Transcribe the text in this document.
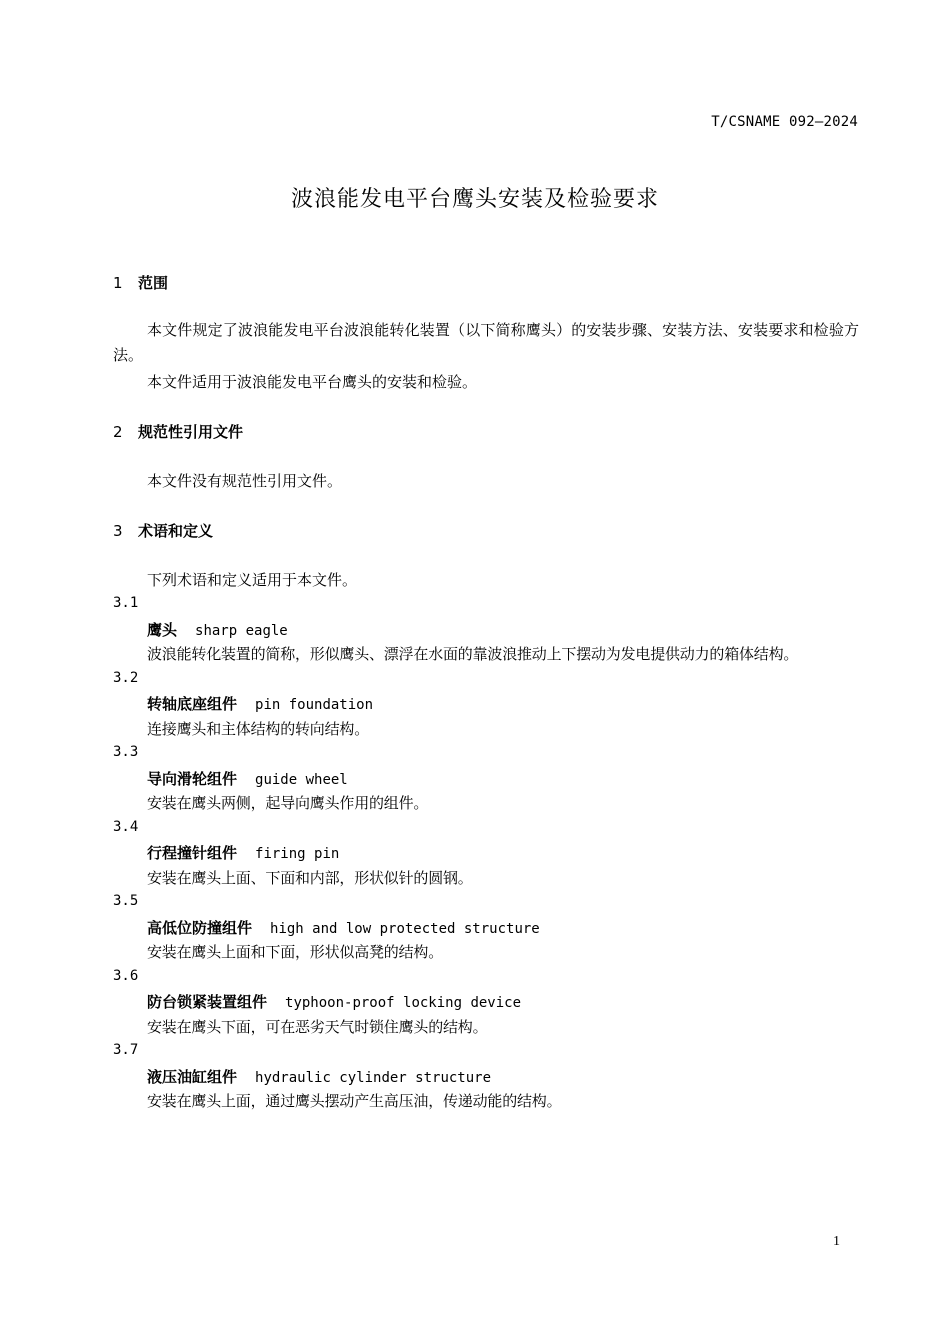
T/CSNAME 092—2024
波浪能发电平台鹰头安装及检验要求
1 范围
本文件规定了波浪能发电平台波浪能转化装置（以下简称鹰头）的安装步骤、安装方法、安装要求和检验方法。
本文件适用于波浪能发电平台鹰头的安装和检验。
2 规范性引用文件
本文件没有规范性引用文件。
3 术语和定义
下列术语和定义适用于本文件。
3.1
鹰头 sharp eagle
波浪能转化装置的简称，形似鹰头、漂浮在水面的靠波浪推动上下摆动为发电提供动力的箱体结构。
3.2
转轴底座组件 pin foundation
连接鹰头和主体结构的转向结构。
3.3
导向滑轮组件 guide wheel
安装在鹰头两侧，起导向鹰头作用的组件。
3.4
行程撞针组件 firing pin
安装在鹰头上面、下面和内部，形状似针的圆钢。
3.5
高低位防撞组件 high and low protected structure
安装在鹰头上面和下面，形状似高凳的结构。
3.6
防台锁紧装置组件 typhoon-proof locking device
安装在鹰头下面，可在恶劣天气时锁住鹰头的结构。
3.7
液压油缸组件 hydraulic cylinder structure
安装在鹰头上面，通过鹰头摆动产生高压油，传递动能的结构。
1
